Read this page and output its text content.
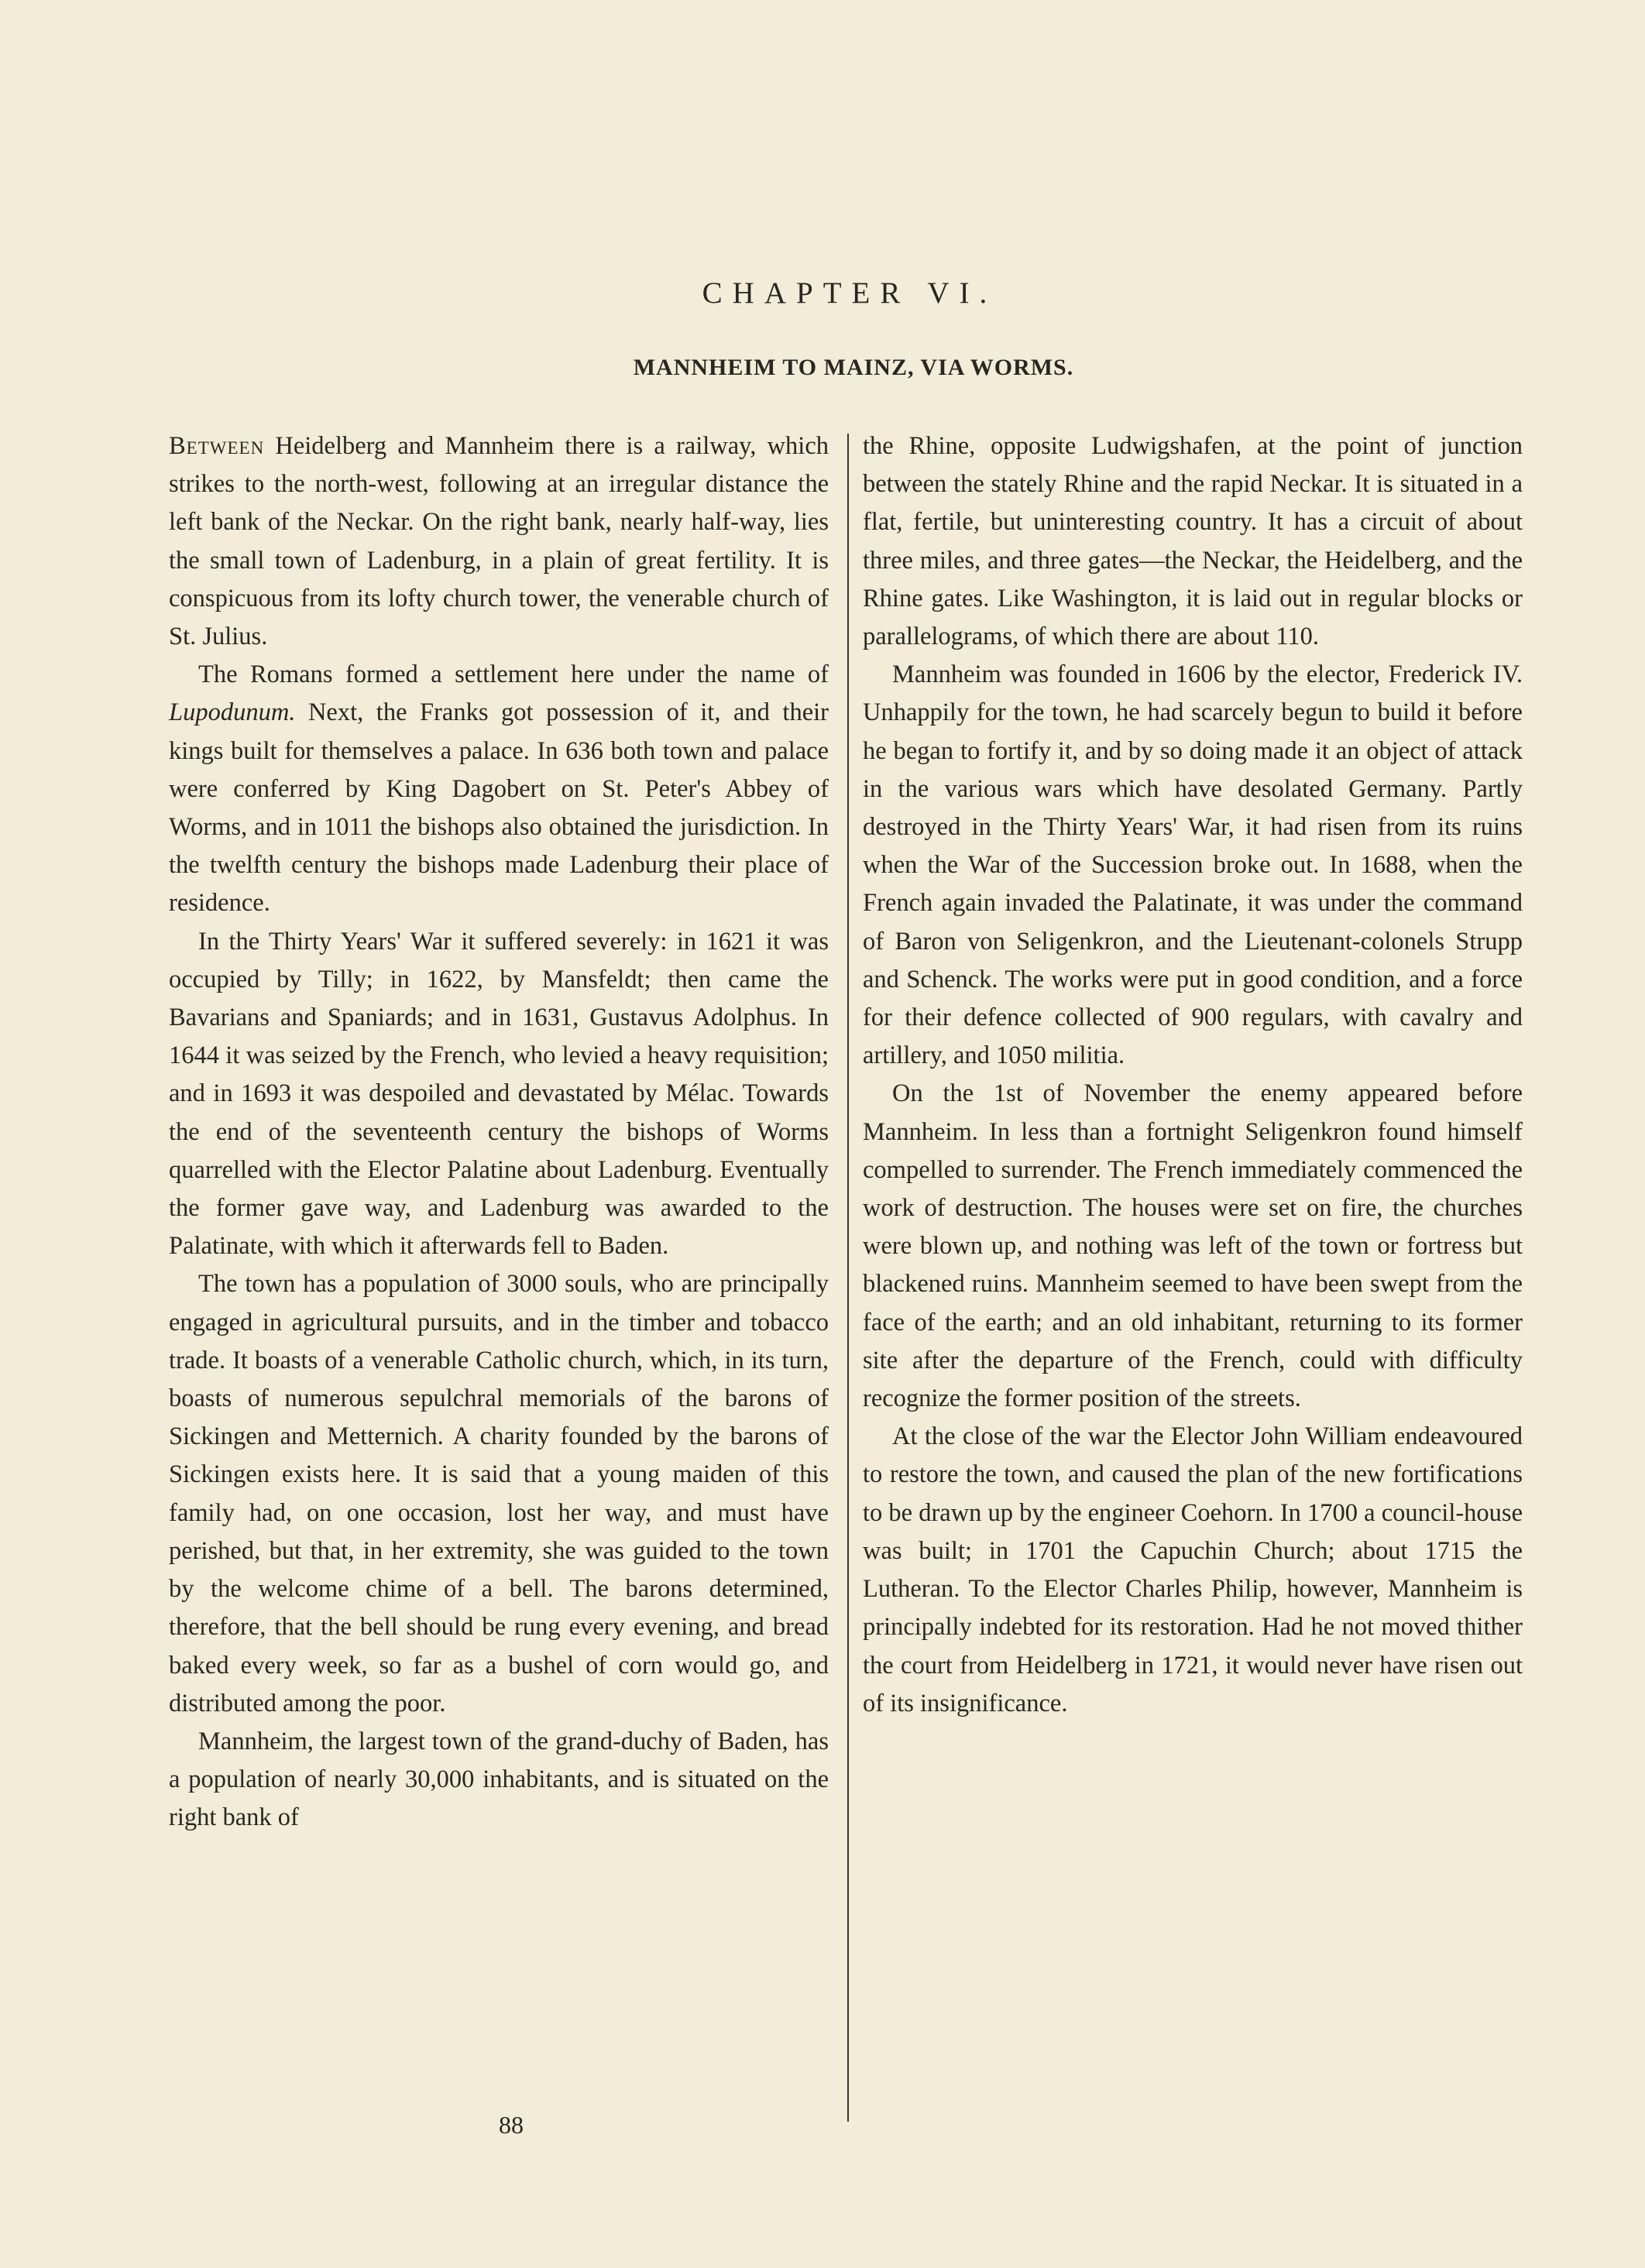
CHAPTER VI.
MANNHEIM TO MAINZ, VIA WORMS.

Between Heidelberg and Mannheim there is a railway, which strikes to the north-west, following at an irregular distance the left bank of the Neckar. On the right bank, nearly half-way, lies the small town of Ladenburg, in a plain of great fertility. It is conspicuous from its lofty church tower, the venerable church of St. Julius.

The Romans formed a settlement here under the name of Lupodunum. Next, the Franks got possession of it, and their kings built for themselves a palace. In 636 both town and palace were conferred by King Dagobert on St. Peter's Abbey of Worms, and in 1011 the bishops also obtained the jurisdiction. In the twelfth century the bishops made Ladenburg their place of residence.

In the Thirty Years' War it suffered severely: in 1621 it was occupied by Tilly; in 1622, by Mansfeldt; then came the Bavarians and Spaniards; and in 1631, Gustavus Adolphus. In 1644 it was seized by the French, who levied a heavy requisition; and in 1693 it was despoiled and devastated by Mélac. Towards the end of the seventeenth century the bishops of Worms quarrelled with the Elector Palatine about Ladenburg. Eventually the former gave way, and Ladenburg was awarded to the Palatinate, with which it afterwards fell to Baden.

The town has a population of 3000 souls, who are principally engaged in agricultural pursuits, and in the timber and tobacco trade. It boasts of a venerable Catholic church, which, in its turn, boasts of numerous sepulchral memorials of the barons of Sickingen and Metternich. A charity founded by the barons of Sickingen exists here. It is said that a young maiden of this family had, on one occasion, lost her way, and must have perished, but that, in her extremity, she was guided to the town by the welcome chime of a bell. The barons determined, therefore, that the bell should be rung every evening, and bread baked every week, so far as a bushel of corn would go, and distributed among the poor.

Mannheim, the largest town of the grand-duchy of Baden, has a population of nearly 30,000 inhabitants, and is situated on the right bank of

the Rhine, opposite Ludwigshafen, at the point of junction between the stately Rhine and the rapid Neckar. It is situated in a flat, fertile, but uninteresting country. It has a circuit of about three miles, and three gates—the Neckar, the Heidelberg, and the Rhine gates. Like Washington, it is laid out in regular blocks or parallelograms, of which there are about 110.

Mannheim was founded in 1606 by the elector, Frederick IV. Unhappily for the town, he had scarcely begun to build it before he began to fortify it, and by so doing made it an object of attack in the various wars which have desolated Germany. Partly destroyed in the Thirty Years' War, it had risen from its ruins when the War of the Succession broke out. In 1688, when the French again invaded the Palatinate, it was under the command of Baron von Seligenkron, and the Lieutenant-colonels Strupp and Schenck. The works were put in good condition, and a force for their defence collected of 900 regulars, with cavalry and artillery, and 1050 militia.

On the 1st of November the enemy appeared before Mannheim. In less than a fortnight Seligenkron found himself compelled to surrender. The French immediately commenced the work of destruction. The houses were set on fire, the churches were blown up, and nothing was left of the town or fortress but blackened ruins. Mannheim seemed to have been swept from the face of the earth; and an old inhabitant, returning to its former site after the departure of the French, could with difficulty recognize the former position of the streets.

At the close of the war the Elector John William endeavoured to restore the town, and caused the plan of the new fortifications to be drawn up by the engineer Coehorn. In 1700 a council-house was built; in 1701 the Capuchin Church; about 1715 the Lutheran. To the Elector Charles Philip, however, Mannheim is principally indebted for its restoration. Had he not moved thither the court from Heidelberg in 1721, it would never have risen out of its insignificance.

88
